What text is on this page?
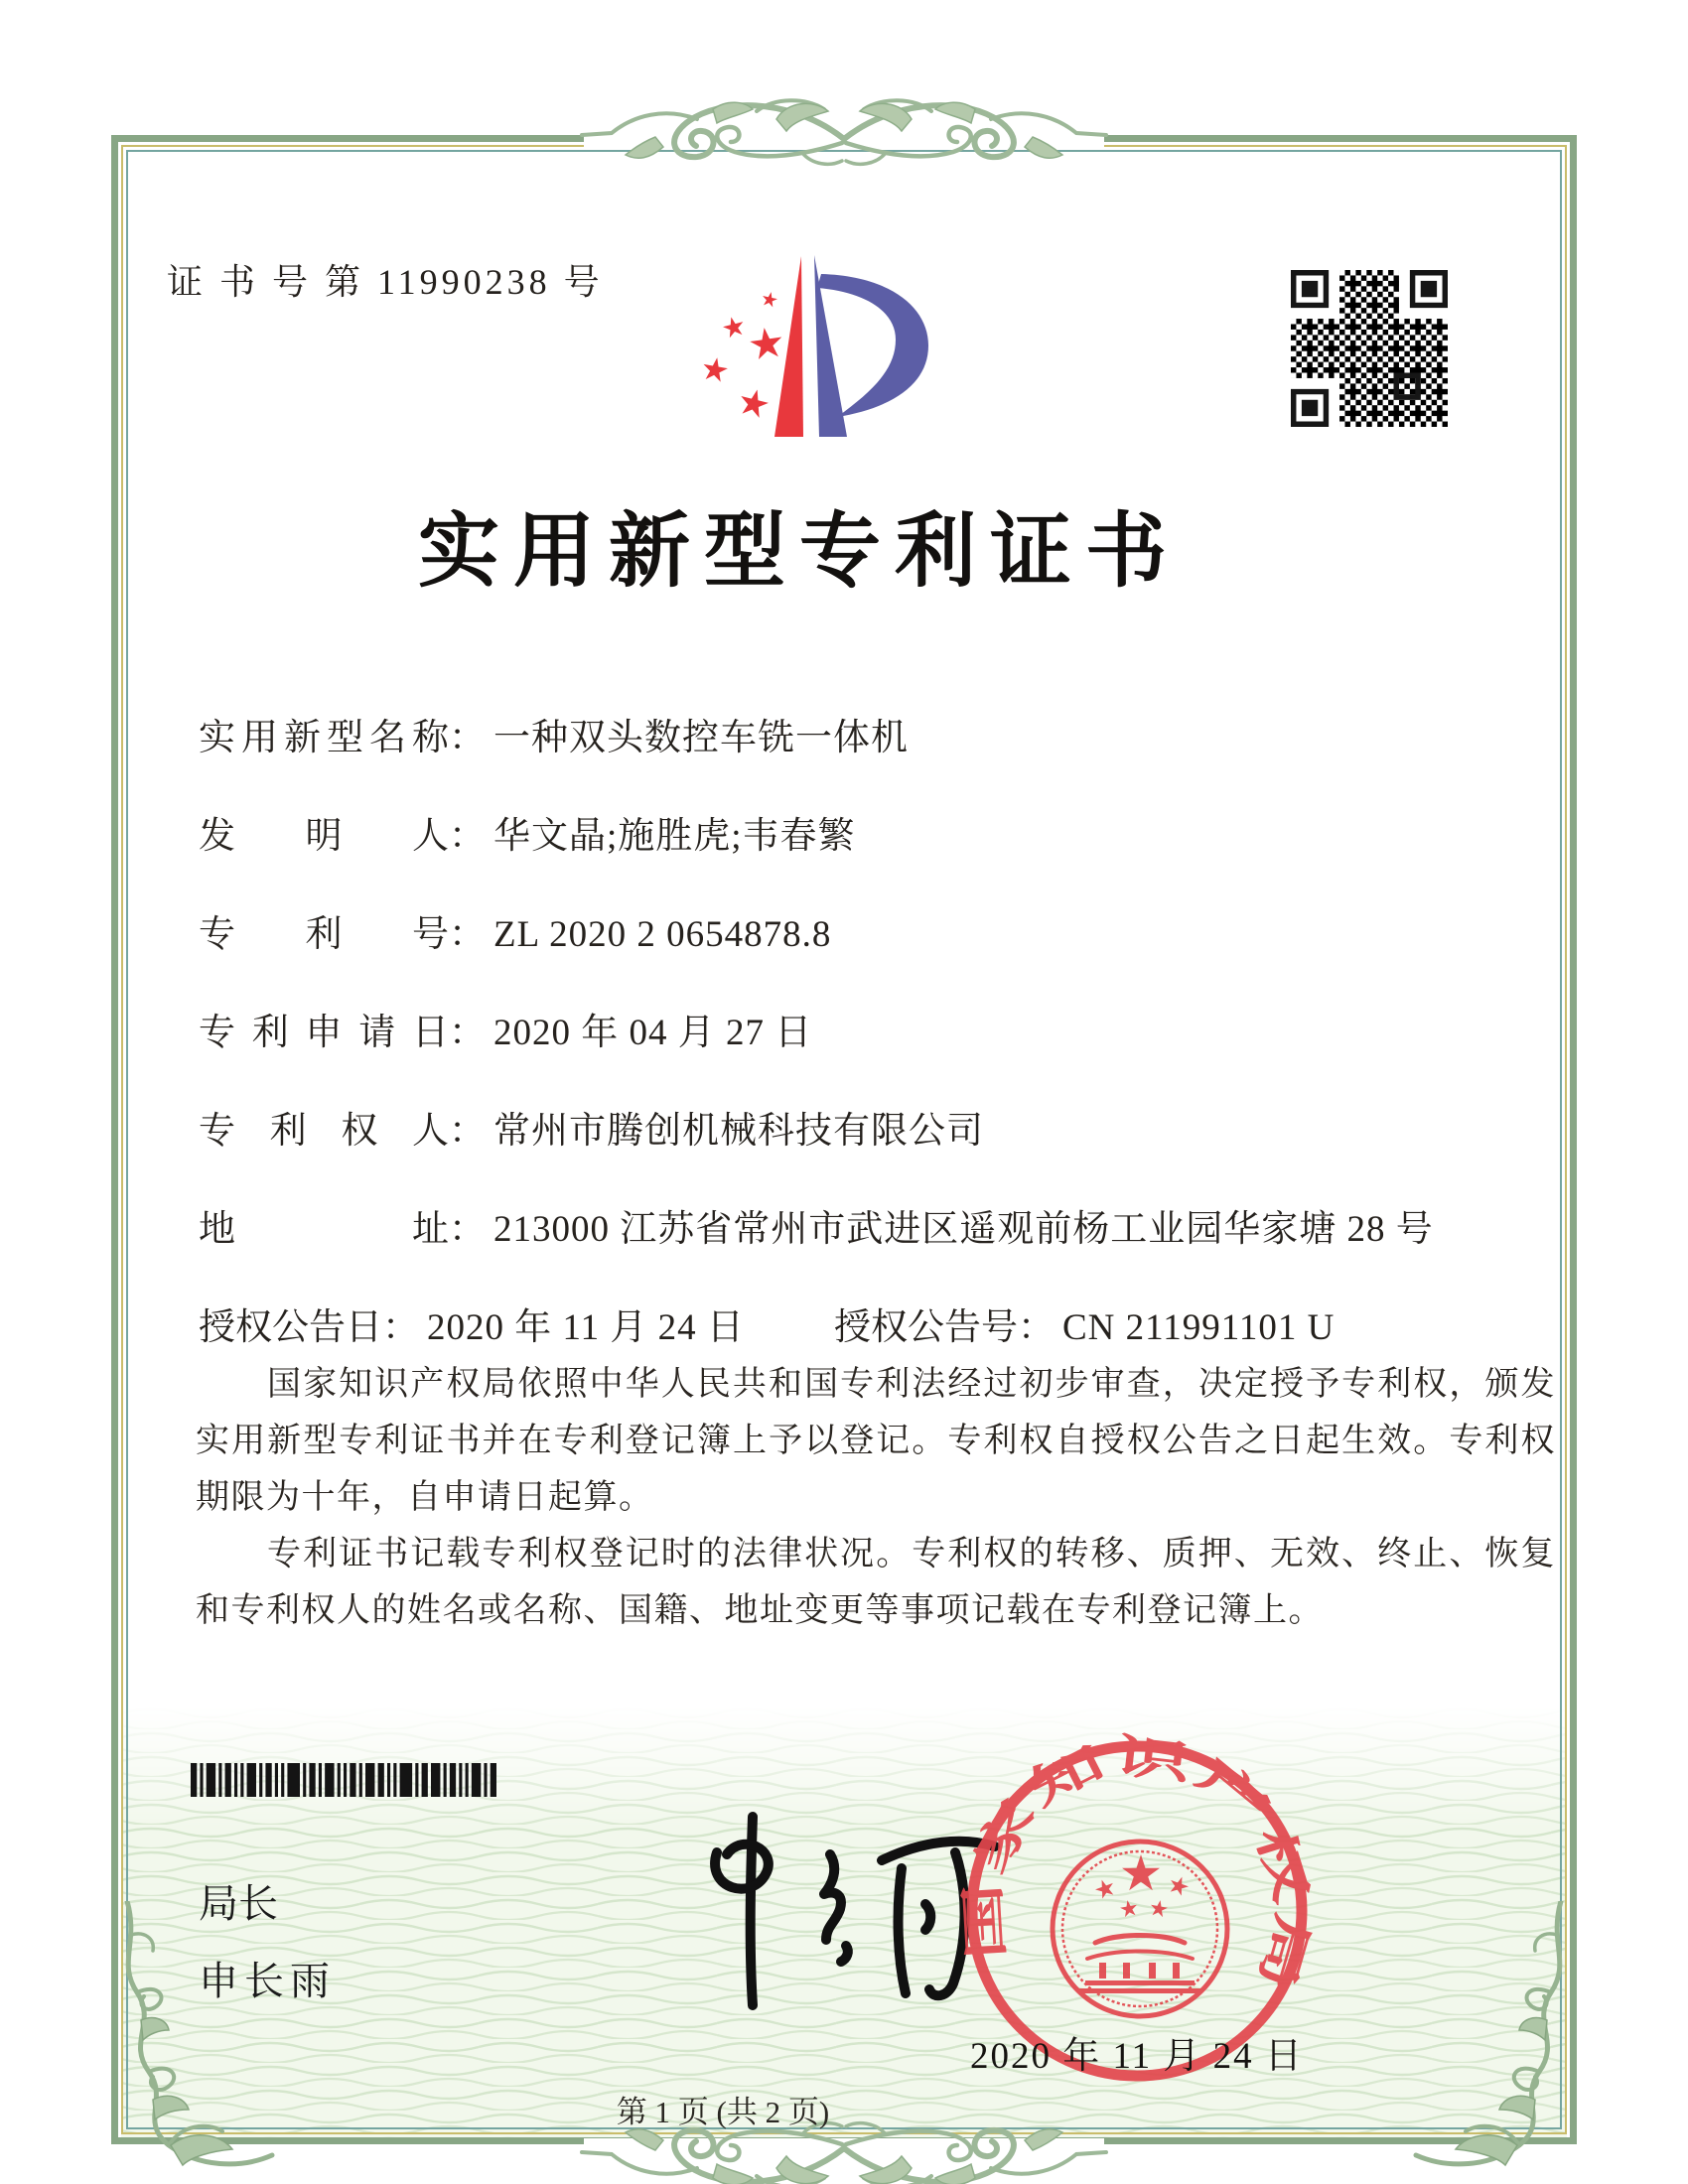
证 书 号 第 11990238 号
实用新型专利证书
实用新型名称： 一种双头数控车铣一体机
发明人： 华文晶;施胜虎;韦春繁
专利号： ZL 2020 2 0654878.8
专利申请日： 2020 年 04 月 27 日
专利权人： 常州市腾创机械科技有限公司
地址： 213000 江苏省常州市武进区遥观前杨工业园华家塘 28 号
授权公告日： 2020 年 11 月 24 日 授权公告号： CN 211991101 U

国家知识产权局依照中华人民共和国专利法经过初步审查，决定授予专利权，颁发实用新型专利证书并在专利登记簿上予以登记。专利权自授权公告之日起生效。专利权期限为十年，自申请日起算。

专利证书记载专利权登记时的法律状况。专利权的转移、质押、无效、终止、恢复和专利权人的姓名或名称、国籍、地址变更等事项记载在专利登记簿上。

局长
申长雨
国家知识产权局
2020 年 11 月 24 日
第 1 页 (共 2 页)
